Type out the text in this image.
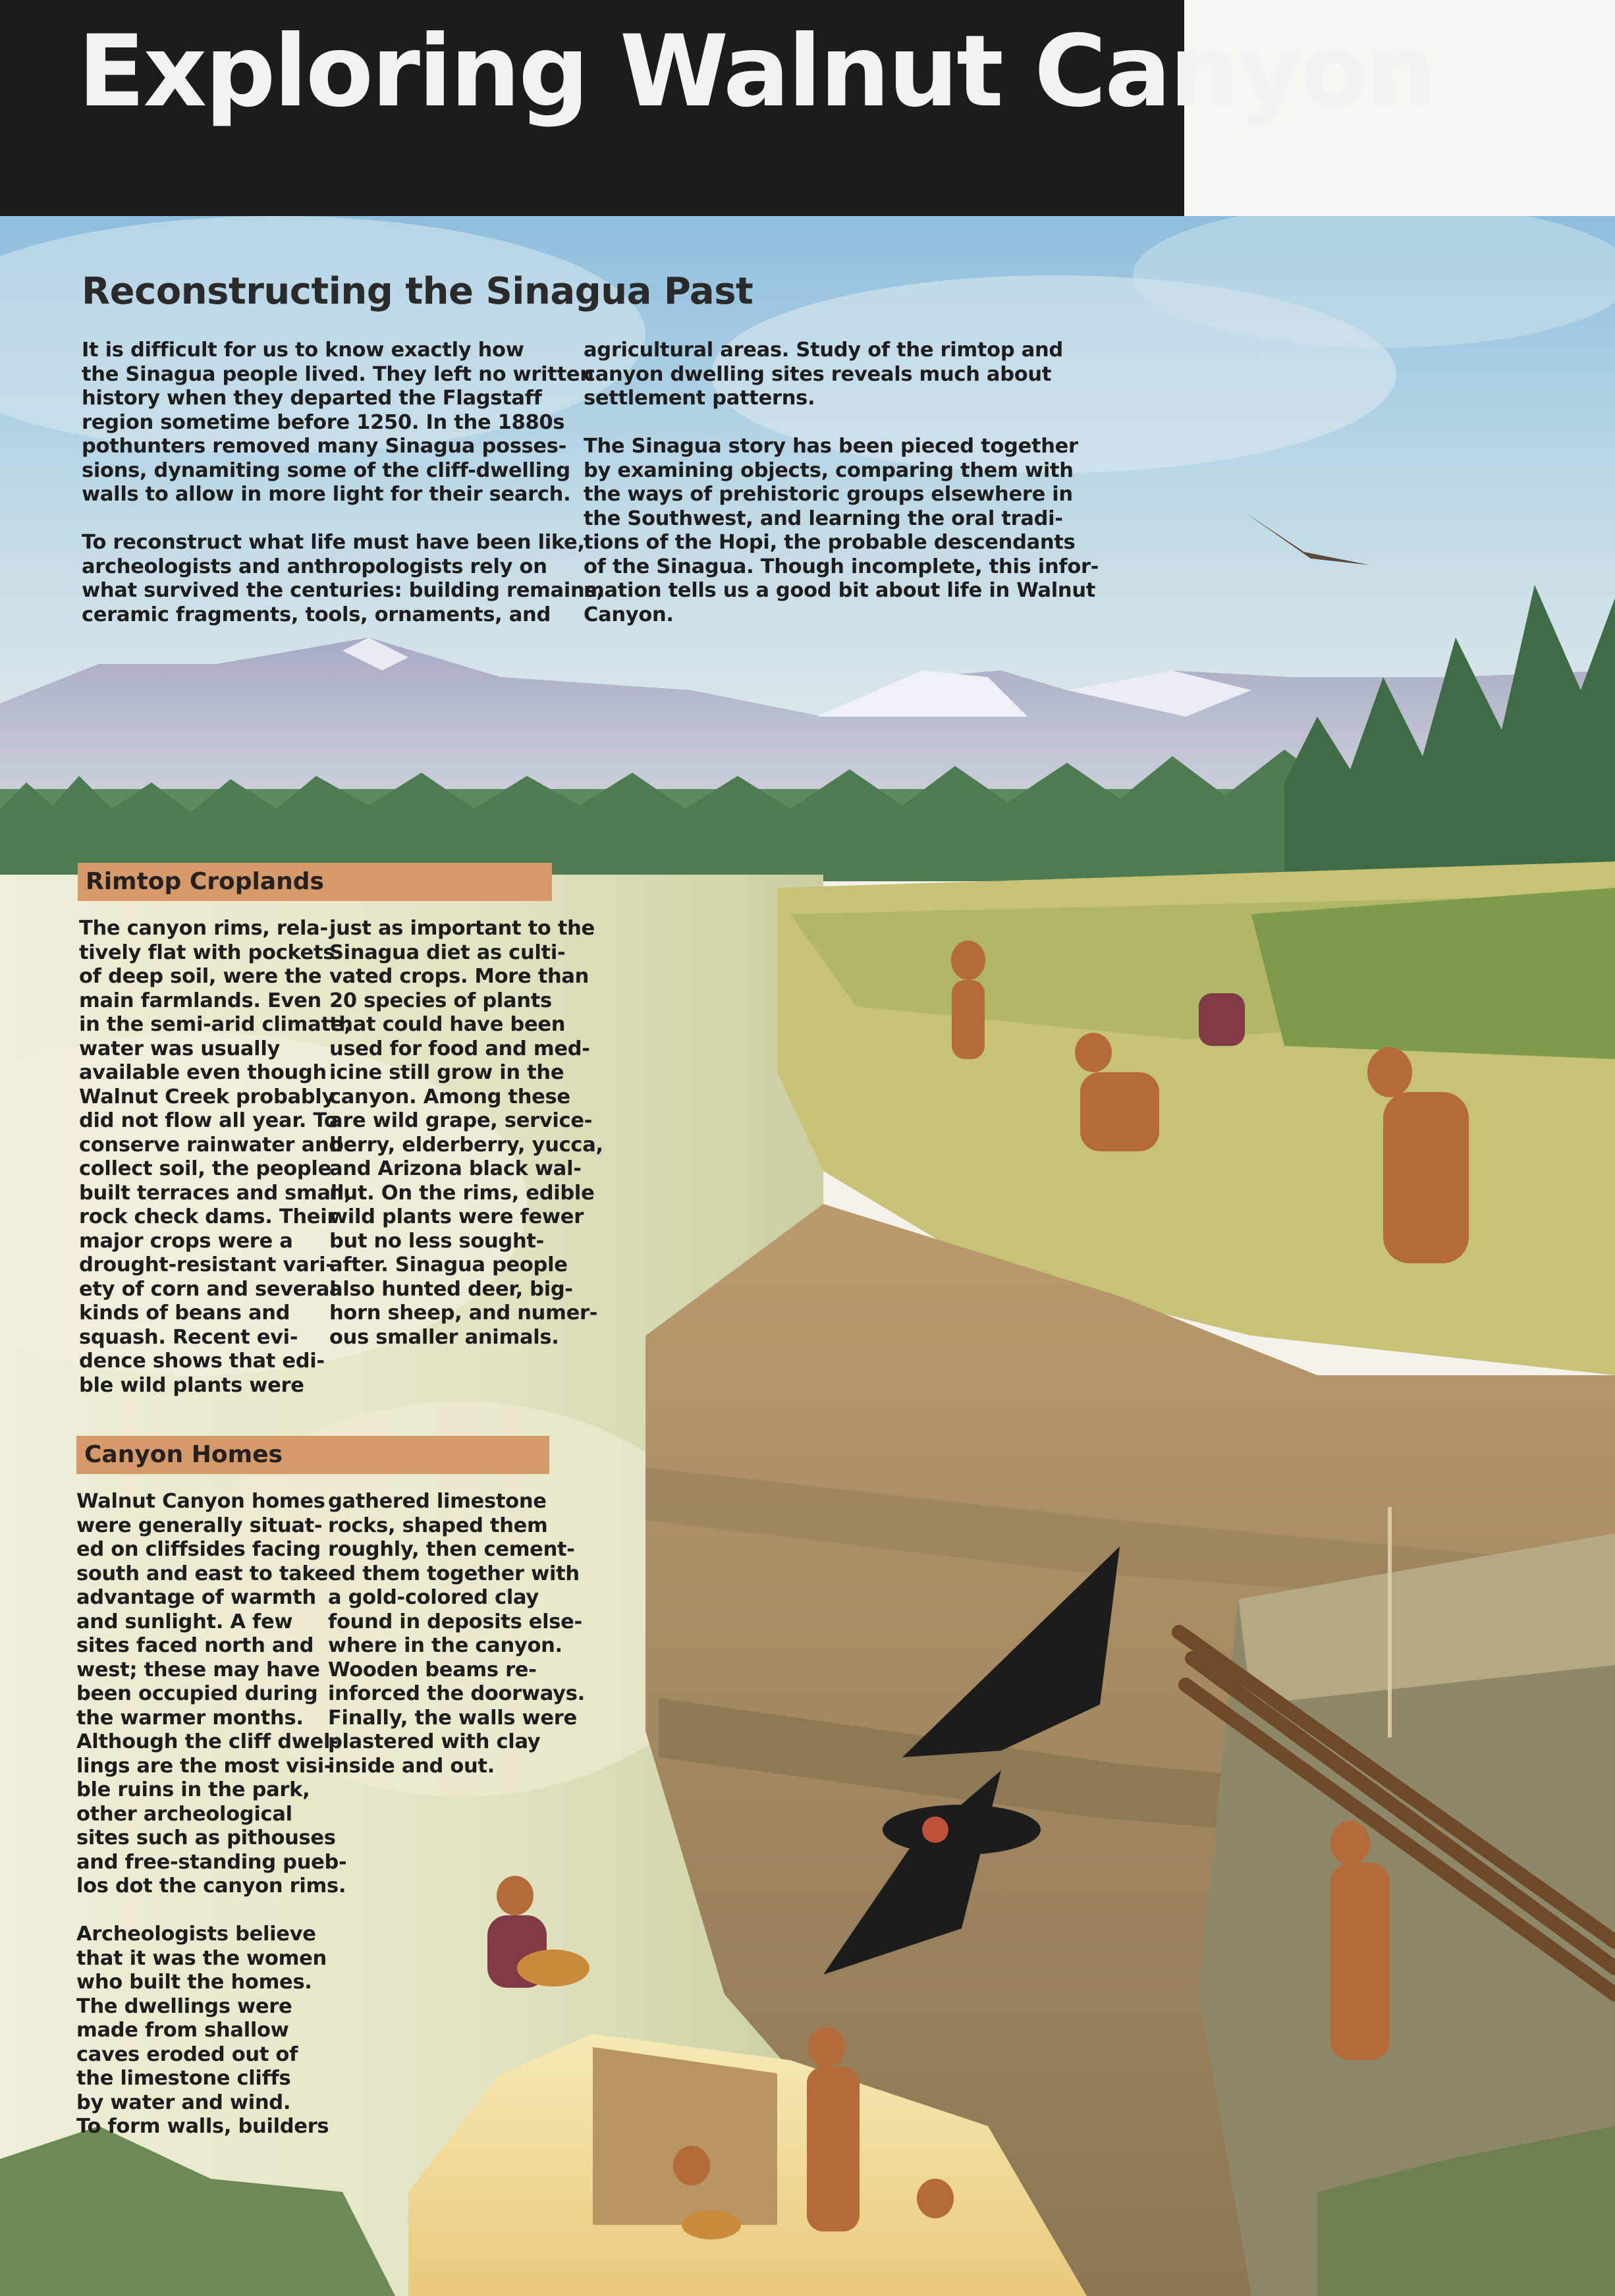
Exploring Walnut Canyon
Reconstructing the Sinagua Past
It is difficult for us to know exactly how
the Sinagua people lived. They left no written
history when they departed the Flagstaff
region sometime before 1250. In the 1880s
pothunters removed many Sinagua posses-
sions, dynamiting some of the cliff-dwelling
walls to allow in more light for their search.

To reconstruct what life must have been like,
archeologists and anthropologists rely on
what survived the centuries: building remains,
ceramic fragments, tools, ornaments, and
agricultural areas. Study of the rimtop and
canyon dwelling sites reveals much about
settlement patterns.

The Sinagua story has been pieced together
by examining objects, comparing them with
the ways of prehistoric groups elsewhere in
the Southwest, and learning the oral tradi-
tions of the Hopi, the probable descendants
of the Sinagua. Though incomplete, this infor-
mation tells us a good bit about life in Walnut
Canyon.
Rimtop Croplands
The canyon rims, rela-
tively flat with pockets
of deep soil, were the
main farmlands. Even
in the semi-arid climate,
water was usually
available even though
Walnut Creek probably
did not flow all year. To
conserve rainwater and
collect soil, the people
built terraces and small,
rock check dams. Their
major crops were a
drought-resistant vari-
ety of corn and several
kinds of beans and
squash. Recent evi-
dence shows that edi-
ble wild plants were
just as important to the
Sinagua diet as culti-
vated crops. More than
20 species of plants
that could have been
used for food and med-
icine still grow in the
canyon. Among these
are wild grape, service-
berry, elderberry, yucca,
and Arizona black wal-
nut. On the rims, edible
wild plants were fewer
but no less sought-
after. Sinagua people
also hunted deer, big-
horn sheep, and numer-
ous smaller animals.
Canyon Homes
Walnut Canyon homes
were generally situat-
ed on cliffsides facing
south and east to take
advantage of warmth
and sunlight. A few
sites faced north and
west; these may have
been occupied during
the warmer months.
Although the cliff dwel-
lings are the most visi-
ble ruins in the park,
other archeological
sites such as pithouses
and free-standing pueb-
los dot the canyon rims.

Archeologists believe
that it was the women
who built the homes.
The dwellings were
made from shallow
caves eroded out of
the limestone cliffs
by water and wind.
To form walls, builders
gathered limestone
rocks, shaped them
roughly, then cement-
ed them together with
a gold-colored clay
found in deposits else-
where in the canyon.
Wooden beams re-
inforced the doorways.
Finally, the walls were
plastered with clay
inside and out.
